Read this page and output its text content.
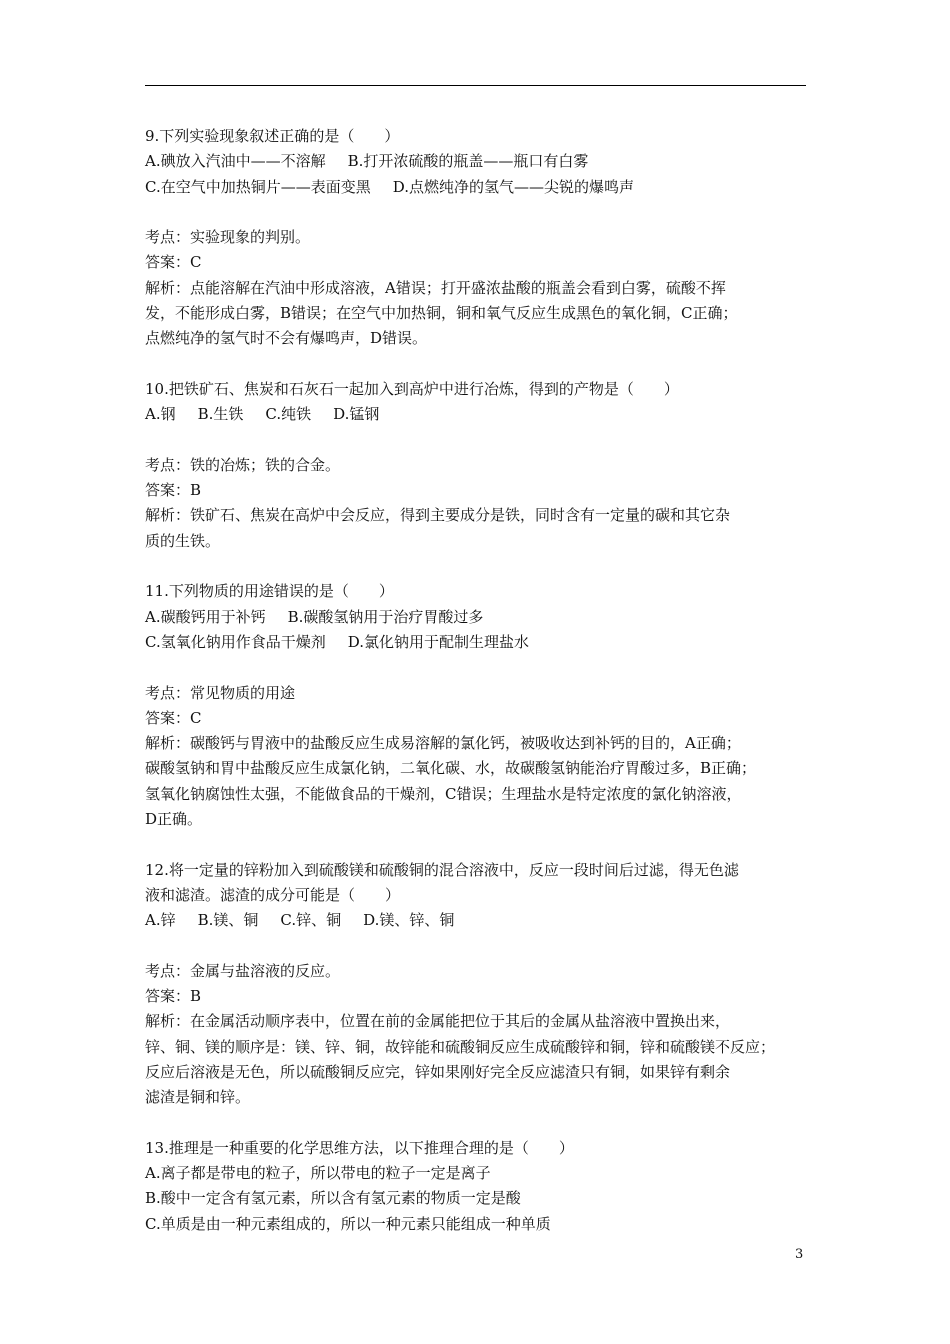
9.下列实验现象叙述正确的是（　　）
A.碘放入汽油中——不溶解 B.打开浓硫酸的瓶盖——瓶口有白雾
C.在空气中加热铜片——表面变黑 D.点燃纯净的氢气——尖锐的爆鸣声
考点：实验现象的判别。
答案：C
解析：点能溶解在汽油中形成溶液，A错误；打开盛浓盐酸的瓶盖会看到白雾，硫酸不挥
发，不能形成白雾，B错误；在空气中加热铜，铜和氧气反应生成黑色的氧化铜，C正确；
点燃纯净的氢气时不会有爆鸣声，D错误。
10.把铁矿石、焦炭和石灰石一起加入到高炉中进行冶炼，得到的产物是（　　）
A.钢 B.生铁 C.纯铁 D.锰钢
考点：铁的冶炼；铁的合金。
答案：B
解析：铁矿石、焦炭在高炉中会反应，得到主要成分是铁，同时含有一定量的碳和其它杂
质的生铁。
11.下列物质的用途错误的是（　　）
A.碳酸钙用于补钙 B.碳酸氢钠用于治疗胃酸过多
C.氢氧化钠用作食品干燥剂 D.氯化钠用于配制生理盐水
考点：常见物质的用途
答案：C
解析：碳酸钙与胃液中的盐酸反应生成易溶解的氯化钙，被吸收达到补钙的目的，A正确；
碳酸氢钠和胃中盐酸反应生成氯化钠，二氧化碳、水，故碳酸氢钠能治疗胃酸过多，B正确；
氢氧化钠腐蚀性太强，不能做食品的干燥剂，C错误；生理盐水是特定浓度的氯化钠溶液，
D正确。
12.将一定量的锌粉加入到硫酸镁和硫酸铜的混合溶液中，反应一段时间后过滤，得无色滤
液和滤渣。滤渣的成分可能是（　　）
A.锌 B.镁、铜 C.锌、铜 D.镁、锌、铜
考点：金属与盐溶液的反应。
答案：B
解析：在金属活动顺序表中，位置在前的金属能把位于其后的金属从盐溶液中置换出来，
锌、铜、镁的顺序是：镁、锌、铜，故锌能和硫酸铜反应生成硫酸锌和铜，锌和硫酸镁不反应；
反应后溶液是无色，所以硫酸铜反应完，锌如果刚好完全反应滤渣只有铜，如果锌有剩余
滤渣是铜和锌。
13.推理是一种重要的化学思维方法，以下推理合理的是（　　）
A.离子都是带电的粒子，所以带电的粒子一定是离子
B.酸中一定含有氢元素，所以含有氢元素的物质一定是酸
C.单质是由一种元素组成的，所以一种元素只能组成一种单质
3
